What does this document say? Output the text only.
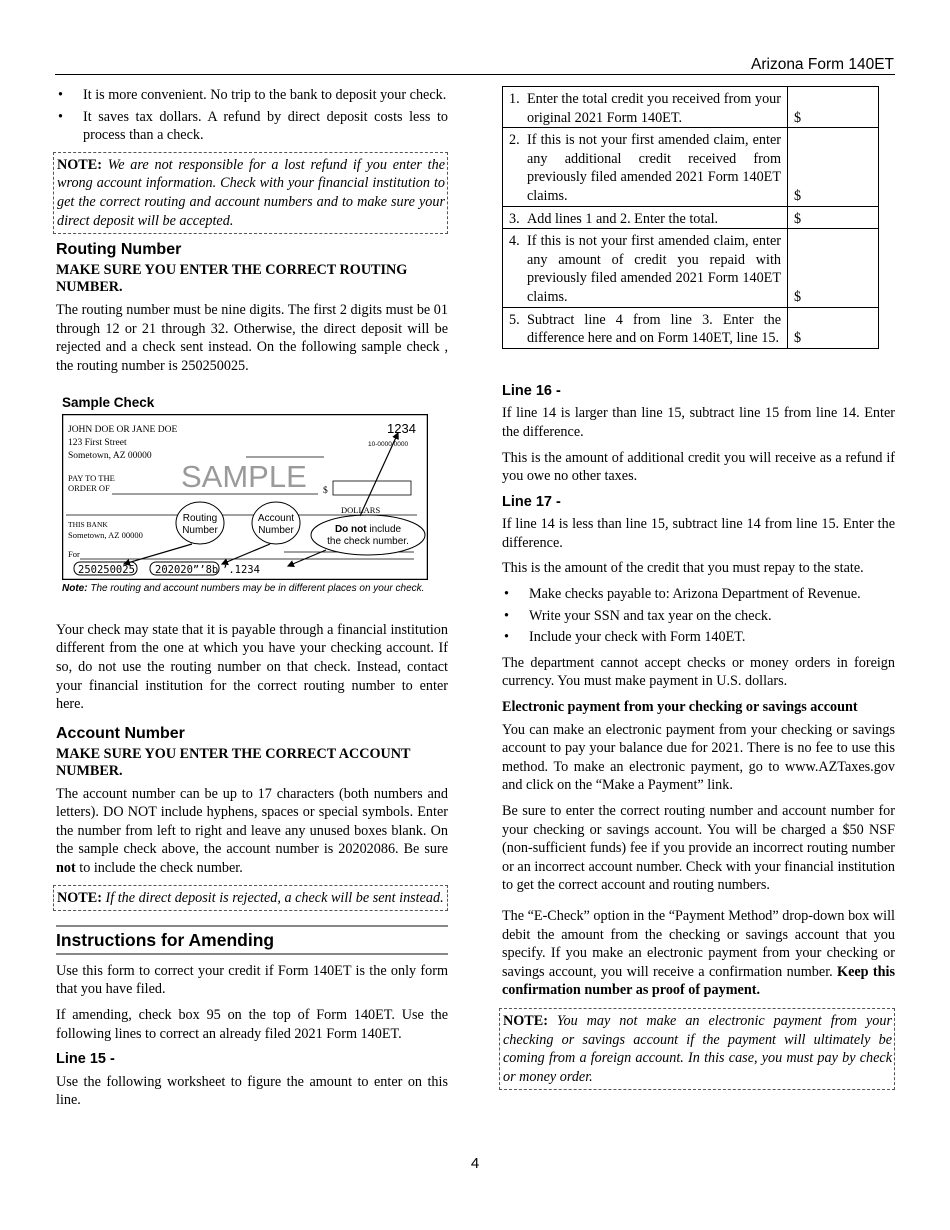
Arizona Form 140ET
• It is more convenient. No trip to the bank to deposit your check.
• It saves tax dollars. A refund by direct deposit costs less to process than a check.
NOTE: We are not responsible for a lost refund if you enter the wrong account information. Check with your financial institution to get the correct routing and account numbers and to make sure your direct deposit will be accepted.
Routing Number
MAKE SURE YOU ENTER THE CORRECT ROUTING NUMBER.

The routing number must be nine digits. The first 2 digits must be 01 through 12 or 21 through 32. Otherwise, the direct deposit will be rejected and a check sent instead. On the following sample check , the routing number is 250250025.

Sample Check
JOHN DOE OR JANE DOE
123 First Street
Sometown, AZ 00000
PAY TO THE
ORDER OF	$
DOLLARS
THIS BANK
Sometown, AZ 00000
For
1234
10-0000/0000
SAMPLE
Routing
Number
Account
Number	Do not include
the check number.
250250025 202020”’8b ’.1234
Note: The routing and account numbers may be in different places on your check.

Your check may state that it is payable through a financial institution different from the one at which you have your checking account. If so, do not use the routing number on that check. Instead, contact your financial institution for the correct routing number to enter here.

Account Number
MAKE SURE YOU ENTER THE CORRECT ACCOUNT NUMBER.

The account number can be up to 17 characters (both numbers and letters). DO NOT include hyphens, spaces or special symbols. Enter the number from left to right and leave any unused boxes blank. On the sample check above, the account number is 20202086. Be sure not to include the check number.

NOTE: If the direct deposit is rejected, a check will be sent instead.
Instructions for Amending

Use this form to correct your credit if Form 140ET is the only form that you have filed.

If amending, check box 95 on the top of Form 140ET. Use the following lines to correct an already filed 2021 Form 140ET.

Line 15 -

Use the following worksheet to figure the amount to enter on this line.

1. Enter the total credit you received from your original 2021 Form 140ET.	$

2. If this is not your first amended claim, enter any additional credit received from previously filed amended 2021 Form 140ET claims.	$

3. Add lines 1 and 2. Enter the total.	$

4. If this is not your first amended claim, enter any amount of credit you repaid with previously filed amended 2021 Form 140ET claims.	$

5. Subtract line 4 from line 3. Enter the difference here and on Form 140ET, line 15.	$
Line 16 -

If line 14 is larger than line 15, subtract line 15 from line 14. Enter the difference.

This is the amount of additional credit you will receive as a refund if you owe no other taxes.

Line 17 -

If line 14 is less than line 15, subtract line 14 from line 15. Enter the difference.

This is the amount of the credit that you must repay to the state.

• Make checks payable to: Arizona Department of Revenue.
• Write your SSN and tax year on the check.
• Include your check with Form 140ET.

The department cannot accept checks or money orders in foreign currency. You must make payment in U.S. dollars.

Electronic payment from your checking or savings account

You can make an electronic payment from your checking or savings account to pay your balance due for 2021. There is no fee to use this method. To make an electronic payment, go to www.AZTaxes.gov and click on the “Make a Payment” link.

Be sure to enter the correct routing number and account number for your checking or savings account. You will be charged a $50 NSF (non-sufficient funds) fee if you provide an incorrect routing number or an incorrect account number. Check with your financial institution to get the correct account and routing numbers.

The “E-Check” option in the “Payment Method” drop-down box will debit the amount from the checking or savings account that you specify. If you make an electronic payment from your checking or savings account, you will receive a confirmation number. Keep this confirmation number as proof of payment.

NOTE: You may not make an electronic payment from your checking or savings account if the payment will ultimately be coming from a foreign account. In this case, you must pay by check or money order.
4
